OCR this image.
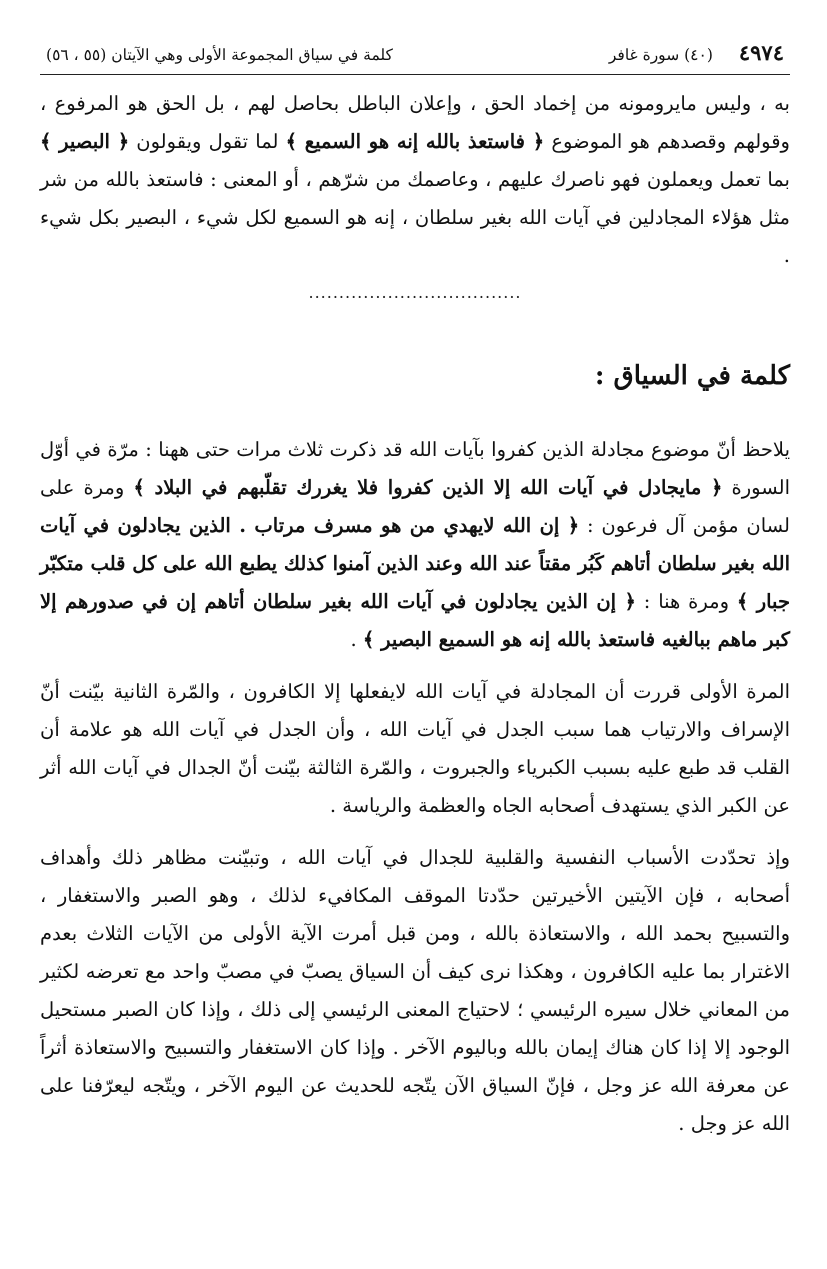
٤٩٧٤
(٤٠) سورة غافر
كلمة في سياق المجموعة الأولى وهي الآيتان (٥٥ ، ٥٦)

به ، وليس مايرومونه من إخماد الحق ، وإعلان الباطل بحاصل لهم ، بل الحق هو المرفوع ، وقولهم وقصدهم هو الموضوع ﴿ فاستعذ بالله إنه هو السميع ﴾ لما تقول ويقولون ﴿ البصير ﴾ بما تعمل ويعملون فهو ناصرك عليهم ، وعاصمك من شرّهم ، أو المعنى : فاستعذ بالله من شر مثل هؤلاء المجادلين في آيات الله بغير سلطان ، إنه هو السميع لكل شيء ، البصير بكل شيء .

...................................
كلمة في السياق :

يلاحظ أنّ موضوع مجادلة الذين كفروا بآيات الله قد ذكرت ثلاث مرات حتى ههنا : مرّة في أوّل السورة ﴿ مايجادل في آيات الله إلا الذين كفروا فلا يغررك تقلّبهم في البلاد ﴾ ومرة على لسان مؤمن آل فرعون : ﴿ إن الله لايهدي من هو مسرف مرتاب . الذين يجادلون في آيات الله بغير سلطان أتاهم كَبُر مقتاً عند الله وعند الذين آمنوا كذلك يطبع الله على كل قلب متكبّر جبار ﴾ ومرة هنا : ﴿ إن الذين يجادلون في آيات الله بغير سلطان أتاهم إن في صدورهم إلا كبر ماهم ببالغيه فاستعذ بالله إنه هو السميع البصير ﴾ .

المرة الأولى قررت أن المجادلة في آيات الله لايفعلها إلا الكافرون ، والمّرة الثانية بيّنت أنّ الإسراف والارتياب هما سبب الجدل في آيات الله ، وأن الجدل في آيات الله هو علامة أن القلب قد طبع عليه بسبب الكبرياء والجبروت ، والمّرة الثالثة بيّنت أنّ الجدال في آيات الله أثر عن الكبر الذي يستهدف أصحابه الجاه والعظمة والرياسة .

وإذ تحدّدت الأسباب النفسية والقلبية للجدال في آيات الله ، وتبيّنت مظاهر ذلك وأهداف أصحابه ، فإن الآيتين الأخيرتين حدّدتا الموقف المكافيء لذلك ، وهو الصبر والاستغفار ، والتسبيح بحمد الله ، والاستعاذة بالله ، ومن قبل أمرت الآية الأولى من الآيات الثلاث بعدم الاغترار بما عليه الكافرون ، وهكذا نرى كيف أن السياق يصبّ في مصبّ واحد مع تعرضه لكثير من المعاني خلال سيره الرئيسي ؛ لاحتياج المعنى الرئيسي إلى ذلك ، وإذا كان الصبر مستحيل الوجود إلا إذا كان هناك إيمان بالله وباليوم الآخر . وإذا كان الاستغفار والتسبيح والاستعاذة أثراً عن معرفة الله عز وجل ، فإنّ السياق الآن يتّجه للحديث عن اليوم الآخر ، ويتّجه ليعرّفنا على الله عز وجل .
